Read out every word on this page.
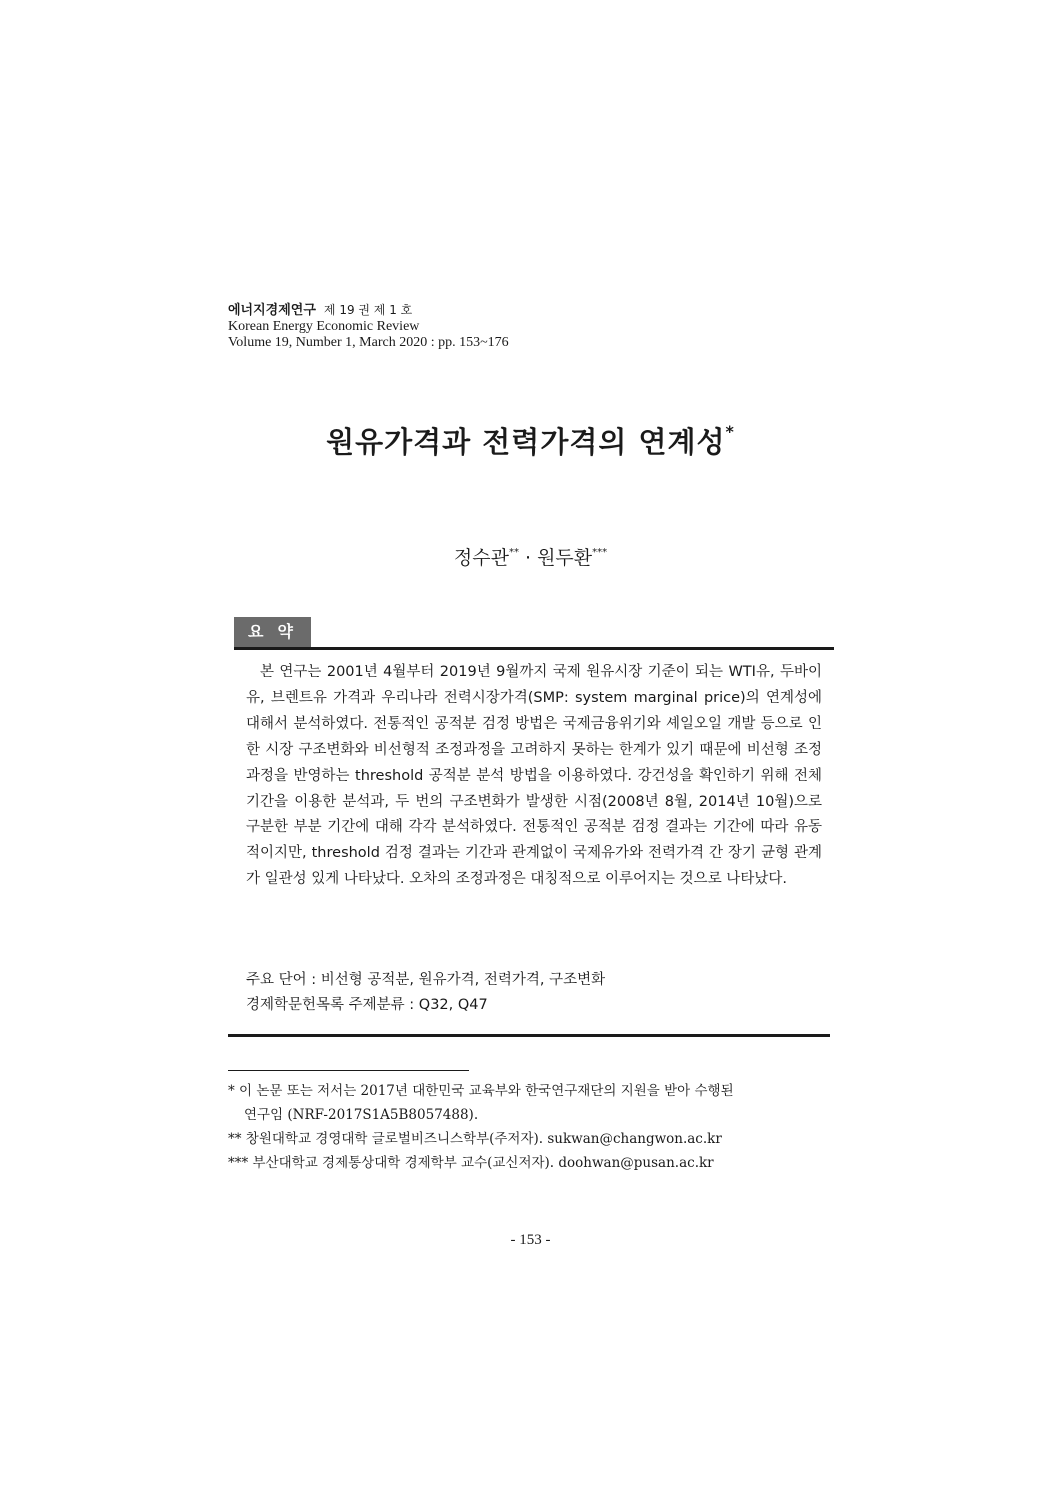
에너지경제연구 제 19 권 제 1 호
Korean Energy Economic Review
Volume 19, Number 1, March 2020 : pp. 153~176
원유가격과 전력가격의 연계성*
정수관** · 원두환***
요약
본 연구는 2001년 4월부터 2019년 9월까지 국제 원유시장 기준이 되는 WTI유, 두바이유, 브렌트유 가격과 우리나라 전력시장가격(SMP: system marginal price)의 연계성에 대해서 분석하였다. 전통적인 공적분 검정 방법은 국제금융위기와 셰일오일 개발 등으로 인한 시장 구조변화와 비선형적 조정과정을 고려하지 못하는 한계가 있기 때문에 비선형 조정과정을 반영하는 threshold 공적분 분석 방법을 이용하였다. 강건성을 확인하기 위해 전체 기간을 이용한 분석과, 두 번의 구조변화가 발생한 시점(2008년 8월, 2014년 10월)으로 구분한 부분 기간에 대해 각각 분석하였다. 전통적인 공적분 검정 결과는 기간에 따라 유동적이지만, threshold 검정 결과는 기간과 관계없이 국제유가와 전력가격 간 장기 균형 관계가 일관성 있게 나타났다. 오차의 조정과정은 대칭적으로 이루어지는 것으로 나타났다.
주요 단어 : 비선형 공적분, 원유가격, 전력가격, 구조변화
경제학문헌목록 주제분류 : Q32, Q47
* 이 논문 또는 저서는 2017년 대한민국 교육부와 한국연구재단의 지원을 받아 수행된
연구임 (NRF-2017S1A5B8057488).
** 창원대학교 경영대학 글로벌비즈니스학부(주저자). sukwan@changwon.ac.kr
*** 부산대학교 경제통상대학 경제학부 교수(교신저자). doohwan@pusan.ac.kr
- 153 -
